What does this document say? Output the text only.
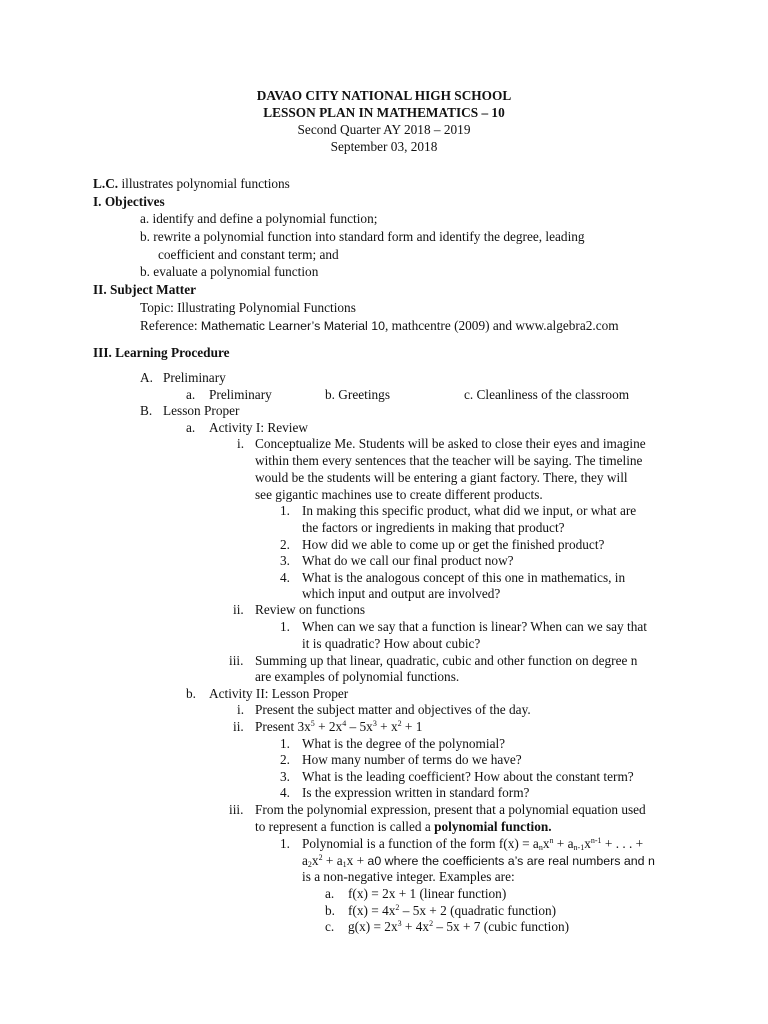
DAVAO CITY NATIONAL HIGH SCHOOL
LESSON PLAN IN MATHEMATICS – 10
Second Quarter AY 2018 – 2019
September 03, 2018
L.C. illustrates polynomial functions
I. Objectives
a. identify and define a polynomial function;
b. rewrite a polynomial function into standard form and identify the degree, leading
coefficient and constant term; and
b. evaluate a polynomial function
II. Subject Matter
Topic: Illustrating Polynomial Functions
Reference: Mathematic Learner’s Material 10, mathcentre (2009) and www.algebra2.com
III. Learning Procedure
A. Preliminary
a. Preliminary	b. Greetings	c. Cleanliness of the classroom
B. Lesson Proper
a. Activity I: Review
i. Conceptualize Me. Students will be asked to close their eyes and imagine
within them every sentences that the teacher will be saying. The timeline
would be the students will be entering a giant factory. There, they will
see gigantic machines use to create different products.
1. In making this specific product, what did we input, or what are
the factors or ingredients in making that product?
2. How did we able to come up or get the finished product?
3. What do we call our final product now?
4. What is the analogous concept of this one in mathematics, in
which input and output are involved?
ii. Review on functions
1. When can we say that a function is linear? When can we say that
it is quadratic? How about cubic?
iii. Summing up that linear, quadratic, cubic and other function on degree n
are examples of polynomial functions.
b. Activity II: Lesson Proper
i. Present the subject matter and objectives of the day.
ii. Present $3x^5 + 2x^4 - 5x^3 + x^2 + 1$
1. What is the degree of the polynomial?
2. How many number of terms do we have?
3. What is the leading coefficient? How about the constant term?
4. Is the expression written in standard form?
iii. From the polynomial expression, present that a polynomial equation used
to represent a function is called a polynomial function.
1. Polynomial is a function of the form $f(x) = a_nx^n + a_{n-1}x^{n-1}$ + . . . +
$a_2x^2 + a_1x + a0$ where the coefficients a’s are real numbers and n
is a non-negative integer. Examples are:
a. f(x) = 2x + 1 (linear function)
b. $f(x) = 4x^2 - 5x + 2$ (quadratic function)
c. $g(x) = 2x^3 + 4x^2 - 5x + 7$ (cubic function)
